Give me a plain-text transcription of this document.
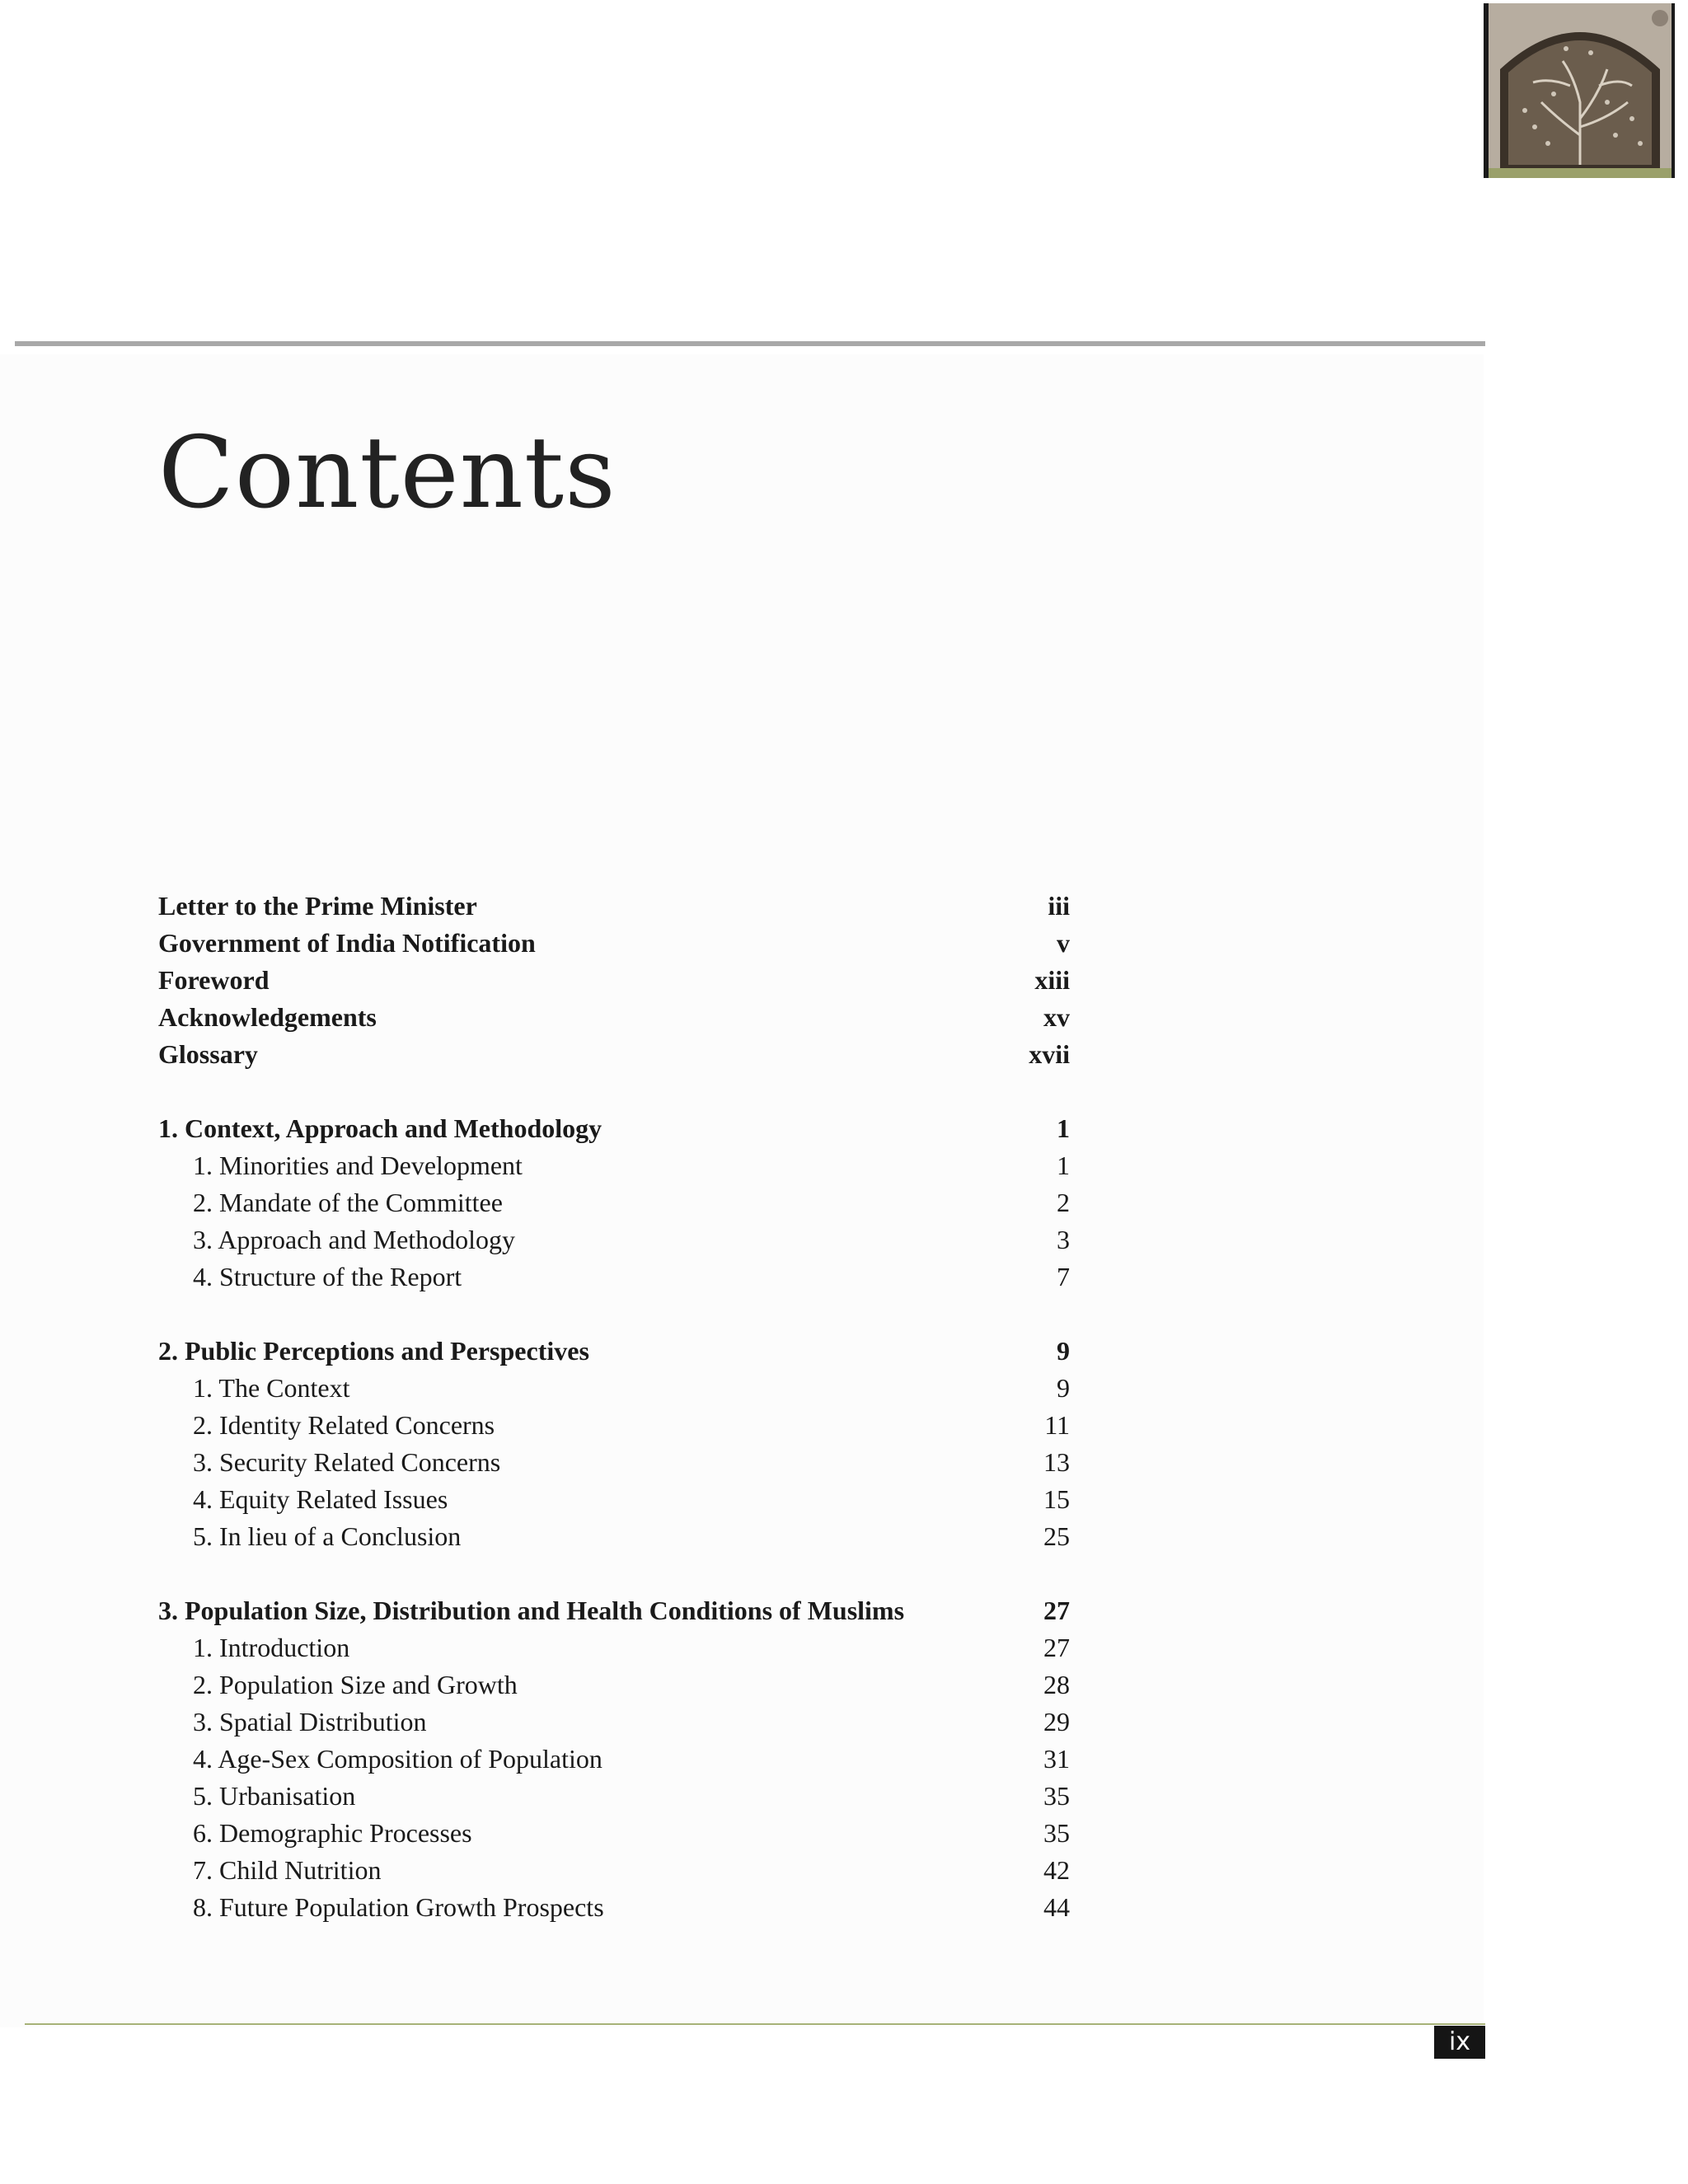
Contents
Letter to the Prime Minister	iii
Government of India Notification	v
Foreword	xiii
Acknowledgements	xv
Glossary	xvii
1. Context, Approach and Methodology	1
1. Minorities and Development	1
2. Mandate of the Committee	2
3. Approach and Methodology	3
4. Structure of the Report	7
2. Public Perceptions and Perspectives	9
1. The Context	9
2. Identity Related Concerns	11
3. Security Related Concerns	13
4. Equity Related Issues	15
5. In lieu of a Conclusion	25
3. Population Size, Distribution and Health Conditions of Muslims	27
1. Introduction	27
2. Population Size and Growth	28
3. Spatial Distribution	29
4. Age-Sex Composition of Population	31
5. Urbanisation	35
6. Demographic Processes	35
7. Child Nutrition	42
8. Future Population Growth Prospects	44
ix
